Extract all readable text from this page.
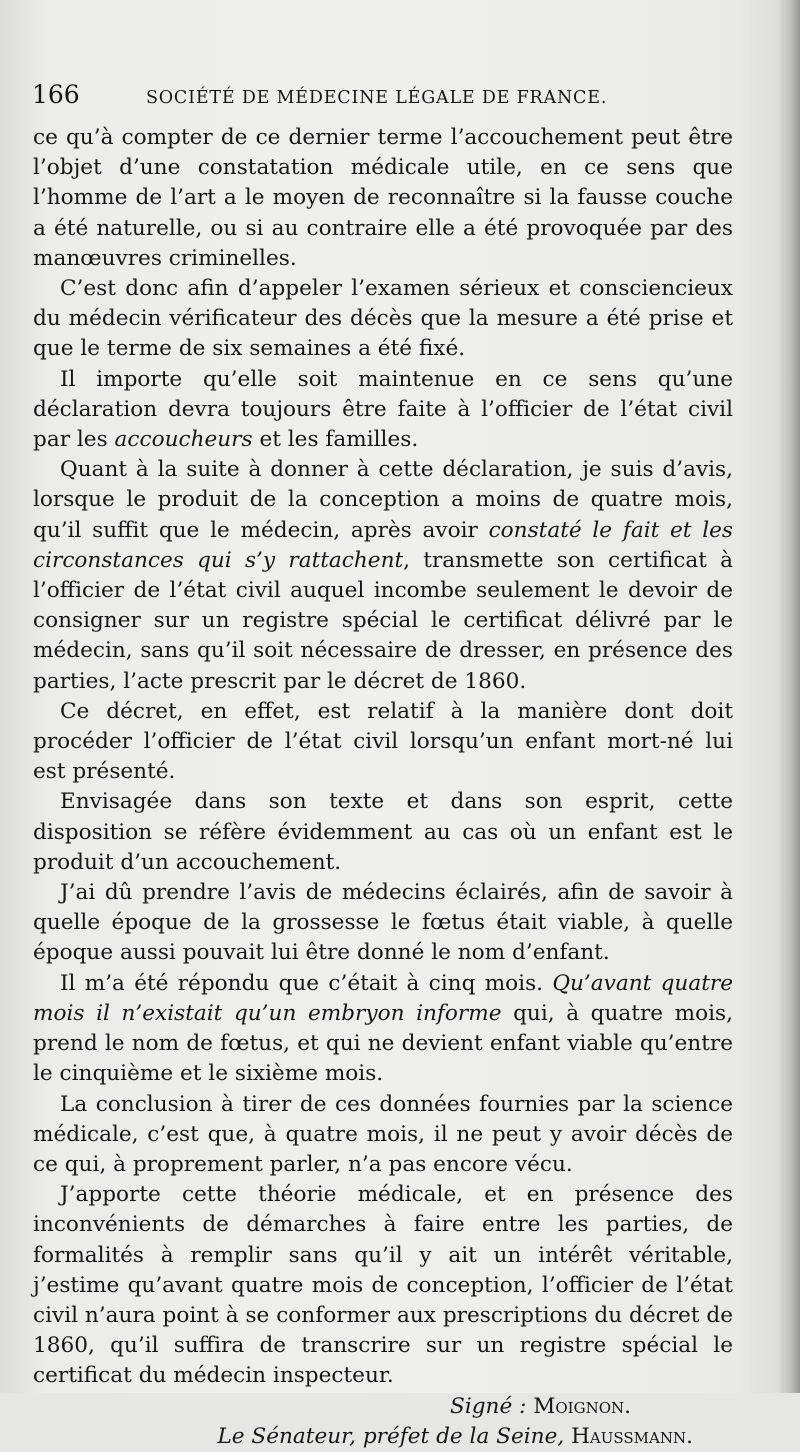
166	SOCIÉTÉ DE MÉDECINE LÉGALE DE FRANCE.

ce qu’à compter de ce dernier terme l’accouchement peut être l’objet d’une constatation médicale utile, en ce sens que l’homme de l’art a le moyen de reconnaître si la fausse couche a été naturelle, ou si au contraire elle a été provoquée par des manœuvres criminelles.

C’est donc afin d’appeler l’examen sérieux et consciencieux du médecin vérificateur des décès que la mesure a été prise et que le terme de six semaines a été fixé.

Il importe qu’elle soit maintenue en ce sens qu’une déclaration devra toujours être faite à l’officier de l’état civil par les accoucheurs et les familles.

Quant à la suite à donner à cette déclaration, je suis d’avis, lorsque le produit de la conception a moins de quatre mois, qu’il suffit que le médecin, après avoir constaté le fait et les circonstances qui s’y rattachent, transmette son certificat à l’officier de l’état civil auquel incombe seulement le devoir de consigner sur un registre spécial le certificat délivré par le médecin, sans qu’il soit nécessaire de dresser, en présence des parties, l’acte prescrit par le décret de 1860.

Ce décret, en effet, est relatif à la manière dont doit procéder l’officier de l’état civil lorsqu’un enfant mort-né lui est présenté.

Envisagée dans son texte et dans son esprit, cette disposition se réfère évidemment au cas où un enfant est le produit d’un accouchement.

J’ai dû prendre l’avis de médecins éclairés, afin de savoir à quelle époque de la grossesse le fœtus était viable, à quelle époque aussi pouvait lui être donné le nom d’enfant.

Il m’a été répondu que c’était à cinq mois. Qu’avant quatre mois il n’existait qu’un embryon informe qui, à quatre mois, prend le nom de fœtus, et qui ne devient enfant viable qu’entre le cinquième et le sixième mois.

La conclusion à tirer de ces données fournies par la science médicale, c’est que, à quatre mois, il ne peut y avoir décès de ce qui, à proprement parler, n’a pas encore vécu.

J’apporte cette théorie médicale, et en présence des inconvénients de démarches à faire entre les parties, de formalités à remplir sans qu’il y ait un intérêt véritable, j’estime qu’avant quatre mois de conception, l’officier de l’état civil n’aura point à se conformer aux prescriptions du décret de 1860, qu’il suffira de transcrire sur un registre spécial le certificat du médecin inspecteur.

Signé : Moignon.

Le Sénateur, préfet de la Seine, Haussmann.
